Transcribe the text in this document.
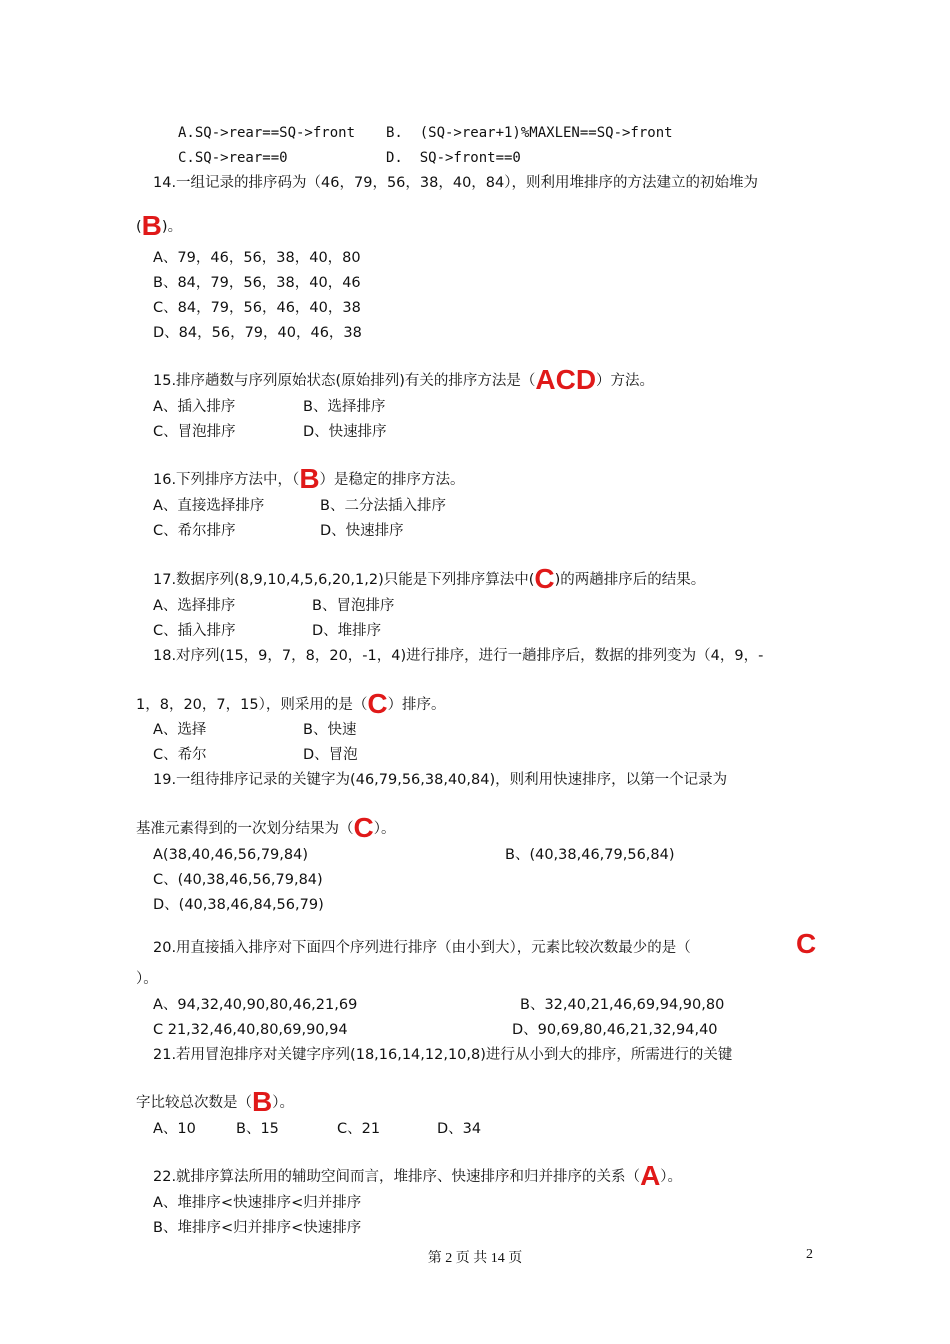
A.SQ->rear==SQ->front B.  (SQ->rear+1)%MAXLEN==SQ->front
C.SQ->rear==0	D.  SQ->front==0
14.一组记录的排序码为（46，79，56，38，40，84），则利用堆排序的方法建立的初始堆为
(B)。
A、79，46，56，38，40，80
B、84，79，56，38，40，46
C、84，79，56，46，40，38
D、84，56，79，40，46，38
15.排序趟数与序列原始状态(原始排列)有关的排序方法是（ACD）方法。
A、插入排序	B、选择排序
C、冒泡排序	D、快速排序
16.下列排序方法中，（B）是稳定的排序方法。
A、直接选择排序	B、二分法插入排序
C、希尔排序	D、快速排序
17.数据序列(8,9,10,4,5,6,20,1,2)只能是下列排序算法中(C)的两趟排序后的结果。
A、选择排序	B、冒泡排序
C、插入排序	D、堆排序
18.对序列(15，9，7，8，20，-1，4)进行排序，进行一趟排序后，数据的排列变为（4，9，-
1，8，20，7，15），则采用的是（C）排序。
A、选择	B、快速
C、希尔	D、冒泡
19.一组待排序记录的关键字为(46,79,56,38,40,84)，则利用快速排序，以第一个记录为
基准元素得到的一次划分结果为（C）。
A(38,40,46,56,79,84)	B、(40,38,46,79,56,84)
C、(40,38,46,56,79,84)
D、(40,38,46,84,56,79)
20.用直接插入排序对下面四个序列进行排序（由小到大），元素比较次数最少的是（	C
）。
A、94,32,40,90,80,46,21,69	B、32,40,21,46,69,94,90,80
C 21,32,46,40,80,69,90,94	D、90,69,80,46,21,32,94,40
21.若用冒泡排序对关键字序列(18,16,14,12,10,8)进行从小到大的排序，所需进行的关键
字比较总次数是（B）。
A、10	B、15	C、21	D、34
22.就排序算法所用的辅助空间而言，堆排序、快速排序和归并排序的关系（A）。
A、堆排序<快速排序<归并排序
B、堆排序<归并排序<快速排序
第 2 页 共 14 页	2
